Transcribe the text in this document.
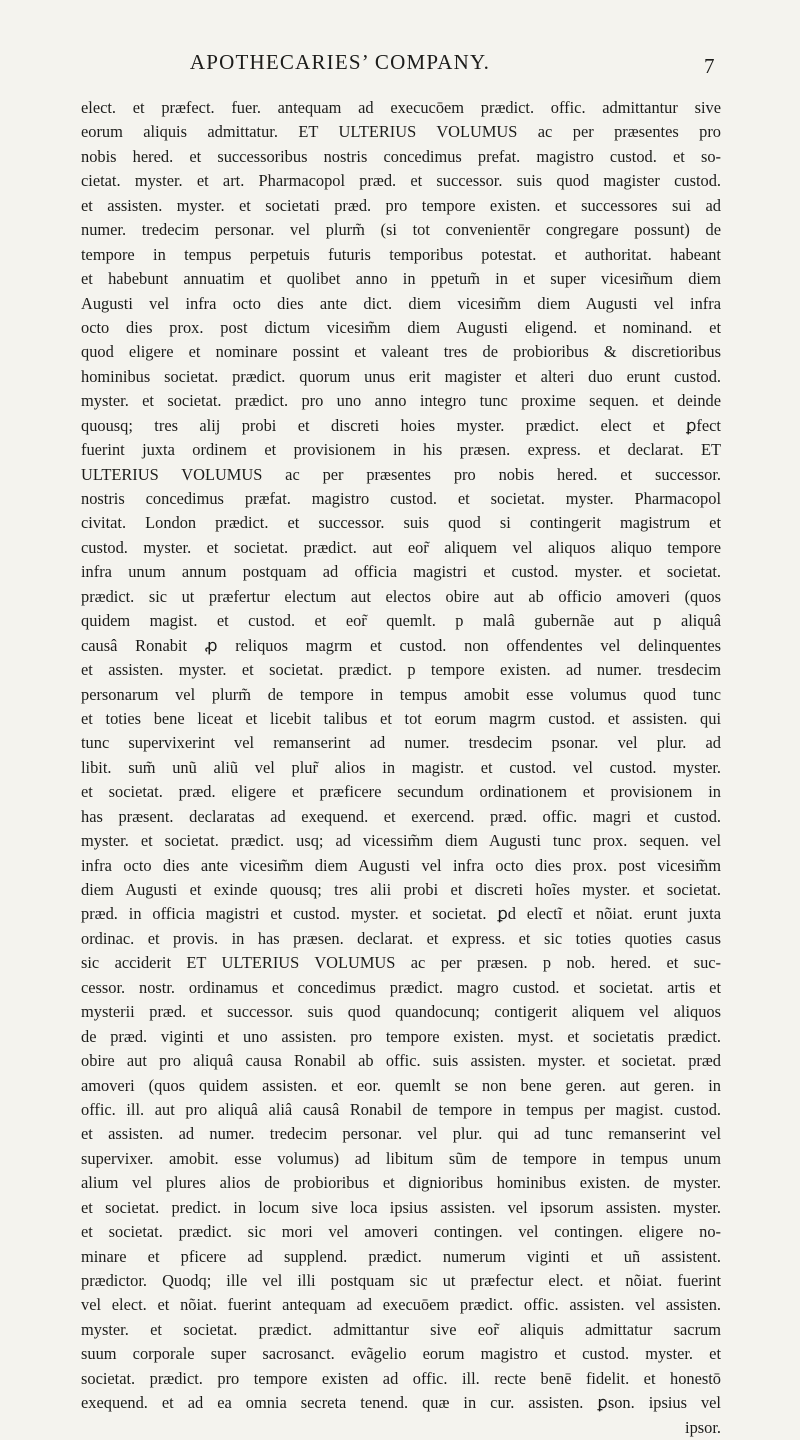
APOTHECARIES’ COMPANY.	7
elect. et præfect. fuer. antequam ad execucōem prædict. offic. admittantur sive
eorum aliquis admittatur. ET ULTERIUS VOLUMUS ac per præsentes pro
nobis hered. et successoribus nostris concedimus prefat. magistro custod. et so-
cietat. myster. et art. Pharmacopol præd. et successor. suis quod magister custod.
et assisten. myster. et societati præd. pro tempore existen. et successores sui ad
numer. tredecim personar. vel plurm̃ (si tot convenientēr congregare possunt) de
tempore in tempus perpetuis futuris temporibus potestat. et authoritat. habeant
et habebunt annuatim et quolibet anno in ppetum̃ in et super vicesim̃um diem
Augusti vel infra octo dies ante dict. diem vicesim̃m diem Augusti vel infra
octo dies prox. post dictum vicesim̃m diem Augusti eligend. et nominand. et
quod eligere et nominare possint et valeant tres de probioribus & discretioribus
hominibus societat. prædict. quorum unus erit magister et alteri duo erunt custod.
myster. et societat. prædict. pro uno anno integro tunc proxime sequen. et deinde
quousq; tres alij probi et discreti hoies myster. prædict. elect et ꝑfect
fuerint juxta ordinem et provisionem in his præsen. express. et declarat. ET
ULTERIUS VOLUMUS ac per præsentes pro nobis hered. et successor.
nostris concedimus præfat. magistro custod. et societat. myster. Pharmacopol
civitat. London prædict. et successor. suis quod si contingerit magistrum et
custod. myster. et societat. prædict. aut eor̃ aliquem vel aliquos aliquo tempore
infra unum annum postquam ad officia magistri et custod. myster. et societat.
prædict. sic ut præfertur electum aut electos obire aut ab officio amoveri (quos
quidem magist. et custod. et eor̃ quemlt. p malâ gubernãe aut p aliquâ
causâ Ronabit ꝓ reliquos magrm et custod. non offendentes vel delinquentes
et assisten. myster. et societat. prædict. p tempore existen. ad numer. tresdecim
personarum vel plurm̃ de tempore in tempus amobit esse volumus quod tunc
et toties bene liceat et licebit talibus et tot eorum magrm custod. et assisten. qui
tunc supervixerint vel remanserint ad numer. tresdecim psonar. vel plur. ad
libit. sum̃ unũ aliũ vel plur̃ alios in magistr. et custod. vel custod. myster.
et societat. præd. eligere et præficere secundum ordinationem et provisionem in
has præsent. declaratas ad exequend. et exercend. præd. offic. magri et custod.
myster. et societat. prædict. usq; ad vicessim̃m diem Augusti tunc prox. sequen. vel
infra octo dies ante vicesim̃m diem Augusti vel infra octo dies prox. post vicesim̃m
diem Augusti et exinde quousq; tres alii probi et discreti hoĩes myster. et societat.
præd. in officia magistri et custod. myster. et societat. ꝑd electĩ et nõiat. erunt juxta
ordinac. et provis. in has præsen. declarat. et express. et sic toties quoties casus
sic acciderit ET ULTERIUS VOLUMUS ac per præsen. p nob. hered. et suc-
cessor. nostr. ordinamus et concedimus prædict. magro custod. et societat. artis et
mysterii præd. et successor. suis quod quandocunq; contigerit aliquem vel aliquos
de præd. viginti et uno assisten. pro tempore existen. myst. et societatis prædict.
obire aut pro aliquâ causa Ronabil ab offic. suis assisten. myster. et societat. præd
amoveri (quos quidem assisten. et eor. quemlt se non bene geren. aut geren. in
offic. ill. aut pro aliquâ aliâ causâ Ronabil de tempore in tempus per magist. custod.
et assisten. ad numer. tredecim personar. vel plur. qui ad tunc remanserint vel
supervixer. amobit. esse volumus) ad libitum sũm de tempore in tempus unum
alium vel plures alios de probioribus et dignioribus hominibus existen. de myster.
et societat. predict. in locum sive loca ipsius assisten. vel ipsorum assisten. myster.
et societat. prædict. sic mori vel amoveri contingen. vel contingen. eligere no-
minare et pficere ad supplend. prædict. numerum viginti et uñ assistent.
prædictor. Quodq; ille vel illi postquam sic ut præfectur elect. et nõiat. fuerint
vel elect. et nõiat. fuerint antequam ad execuōem prædict. offic. assisten. vel assisten.
myster. et societat. prædict. admittantur sive eor̃ aliquis admittatur sacrum
suum corporale super sacrosanct. evãgelio eorum magistro et custod. myster. et
societat. prædict. pro tempore existen ad offic. ill. recte benē fidelit. et honestō
exequend. et ad ea omnia secreta tenend. quæ in cur. assisten. ꝑson. ipsius vel
ipsor.
